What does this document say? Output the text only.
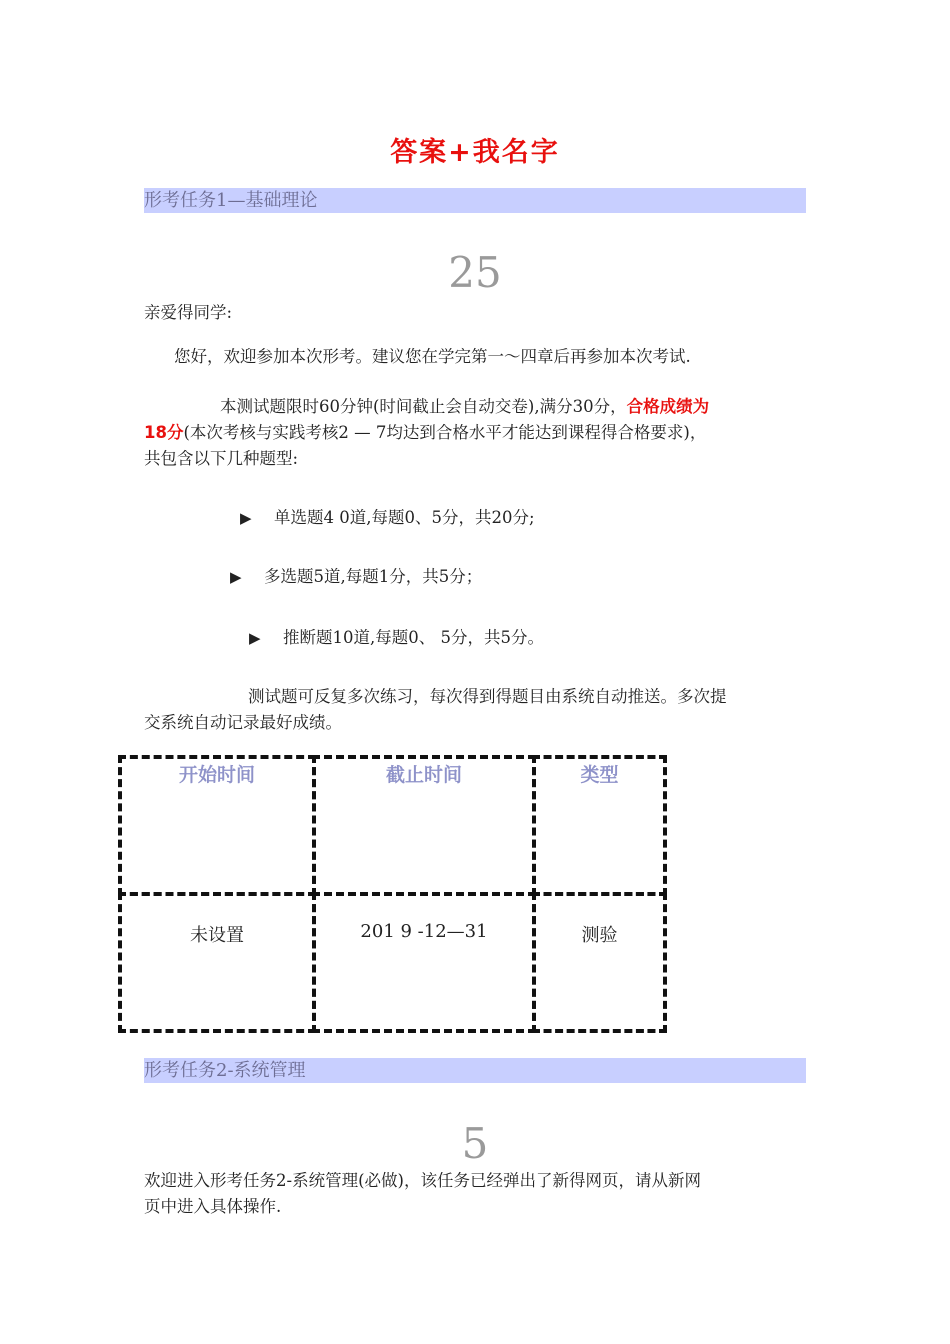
答案+我名字
形考任务1—基础理论
25
亲爱得同学:
您好，欢迎参加本次形考。建议您在学完第一～四章后再参加本次考试.
本测试题限时60分钟(时间截止会自动交卷),满分30分，合格成绩为
18分(本次考核与实践考核2 — 7均达到合格水平才能达到课程得合格要求)，
共包含以下几种题型:
▶ 单选题4 0道,每题0、5分，共20分;
▶ 多选题5道,每题1分，共5分；
▶ 推断题10道,每题0、 5分，共5分。
测试题可反复多次练习，每次得到得题目由系统自动推送。多次提
交系统自动记录最好成绩。
开始时间	截止时间	类型
未设置	201 9 -12—31	测验
形考任务2-系统管理
5
欢迎进入形考任务2-系统管理(必做)，该任务已经弹出了新得网页，请从新网
页中进入具体操作.
